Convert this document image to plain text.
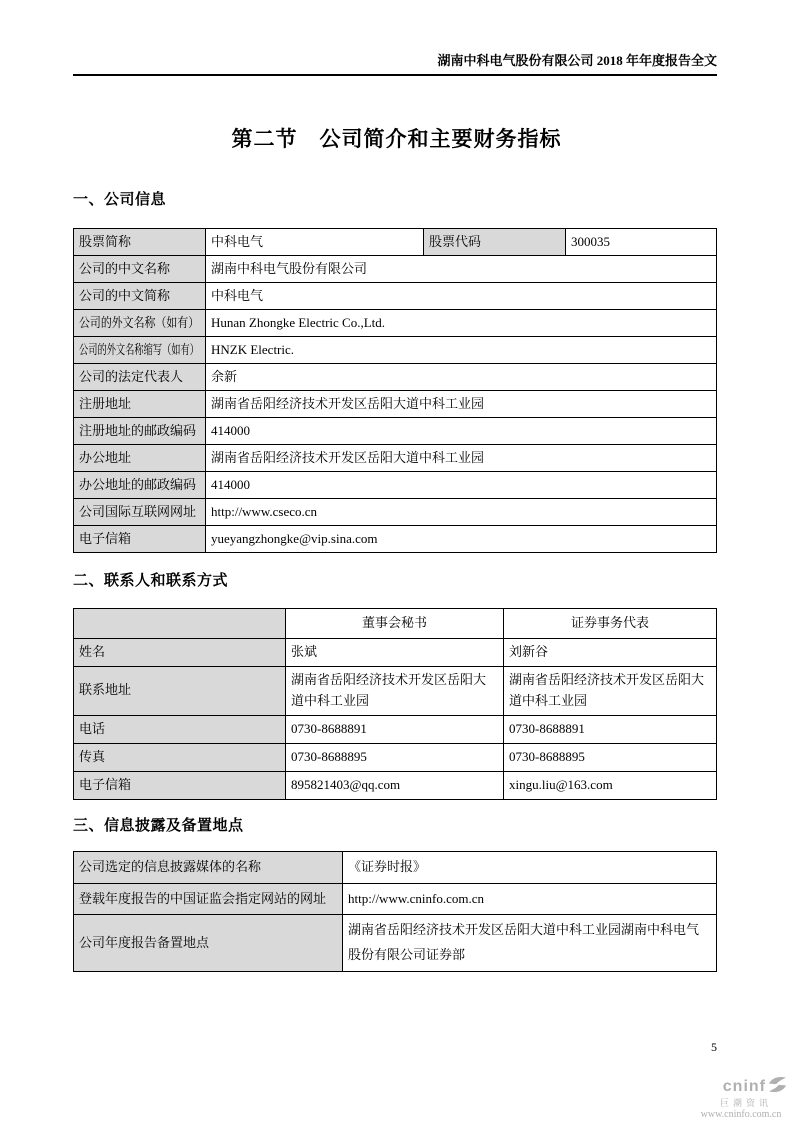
湖南中科电气股份有限公司 2018 年年度报告全文
第二节　公司简介和主要财务指标
一、公司信息
股票简称	中科电气	股票代码	300035
公司的中文名称	湖南中科电气股份有限公司		
公司的中文简称	中科电气		
公司的外文名称（如有）	Hunan Zhongke Electric Co.,Ltd.		
公司的外文名称缩写（如有）	HNZK Electric.		
公司的法定代表人	余新		
注册地址	湖南省岳阳经济技术开发区岳阳大道中科工业园		
注册地址的邮政编码	414000		
办公地址	湖南省岳阳经济技术开发区岳阳大道中科工业园		
办公地址的邮政编码	414000		
公司国际互联网网址	http://www.cseco.cn		
电子信箱	yueyangzhongke@vip.sina.com		
二、联系人和联系方式
	董事会秘书	证券事务代表
姓名	张斌	刘新谷
联系地址	湖南省岳阳经济技术开发区岳阳大道中科工业园	湖南省岳阳经济技术开发区岳阳大道中科工业园
电话	0730-8688891	0730-8688891
传真	0730-8688895	0730-8688895
电子信箱	895821403@qq.com	xingu.liu@163.com
三、信息披露及备置地点
公司选定的信息披露媒体的名称	《证券时报》
登载年度报告的中国证监会指定网站的网址	http://www.cninfo.com.cn
公司年度报告备置地点	湖南省岳阳经济技术开发区岳阳大道中科工业园湖南中科电气股份有限公司证券部
5
cninf
巨潮资讯
www.cninfo.com.cn
